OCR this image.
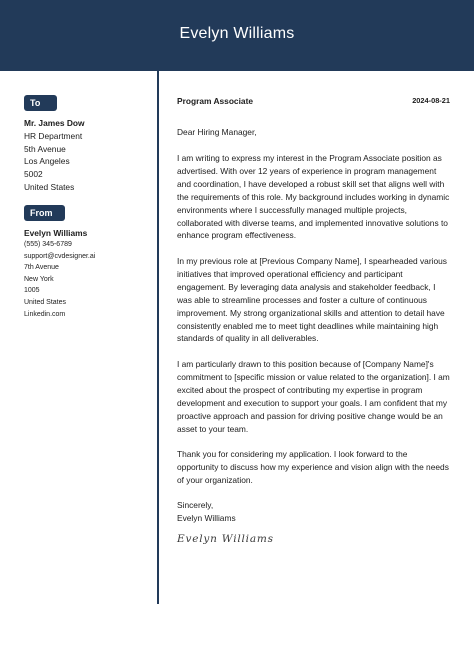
Evelyn Williams
To
Mr. James Dow
HR Department
5th Avenue
Los Angeles
5002
United States
From
Evelyn Williams
(555) 345-6789
support@cvdesigner.ai
7th Avenue
New York
1005
United States
Linkedin.com
Program Associate	2024-08-21

Dear Hiring Manager,

I am writing to express my interest in the Program Associate position as advertised. With over 12 years of experience in program management and coordination, I have developed a robust skill set that aligns well with the requirements of this role. My background includes working in dynamic environments where I successfully managed multiple projects, collaborated with diverse teams, and implemented innovative solutions to enhance program effectiveness.

In my previous role at [Previous Company Name], I spearheaded various initiatives that improved operational efficiency and participant engagement. By leveraging data analysis and stakeholder feedback, I was able to streamline processes and foster a culture of continuous improvement. My strong organizational skills and attention to detail have consistently enabled me to meet tight deadlines while maintaining high standards of quality in all deliverables.

I am particularly drawn to this position because of [Company Name]'s commitment to [specific mission or value related to the organization]. I am excited about the prospect of contributing my expertise in program development and execution to support your goals. I am confident that my proactive approach and passion for driving positive change would be an asset to your team.

Thank you for considering my application. I look forward to the opportunity to discuss how my experience and vision align with the needs of your organization.

Sincerely,
Evelyn Williams
Evelyn Williams
